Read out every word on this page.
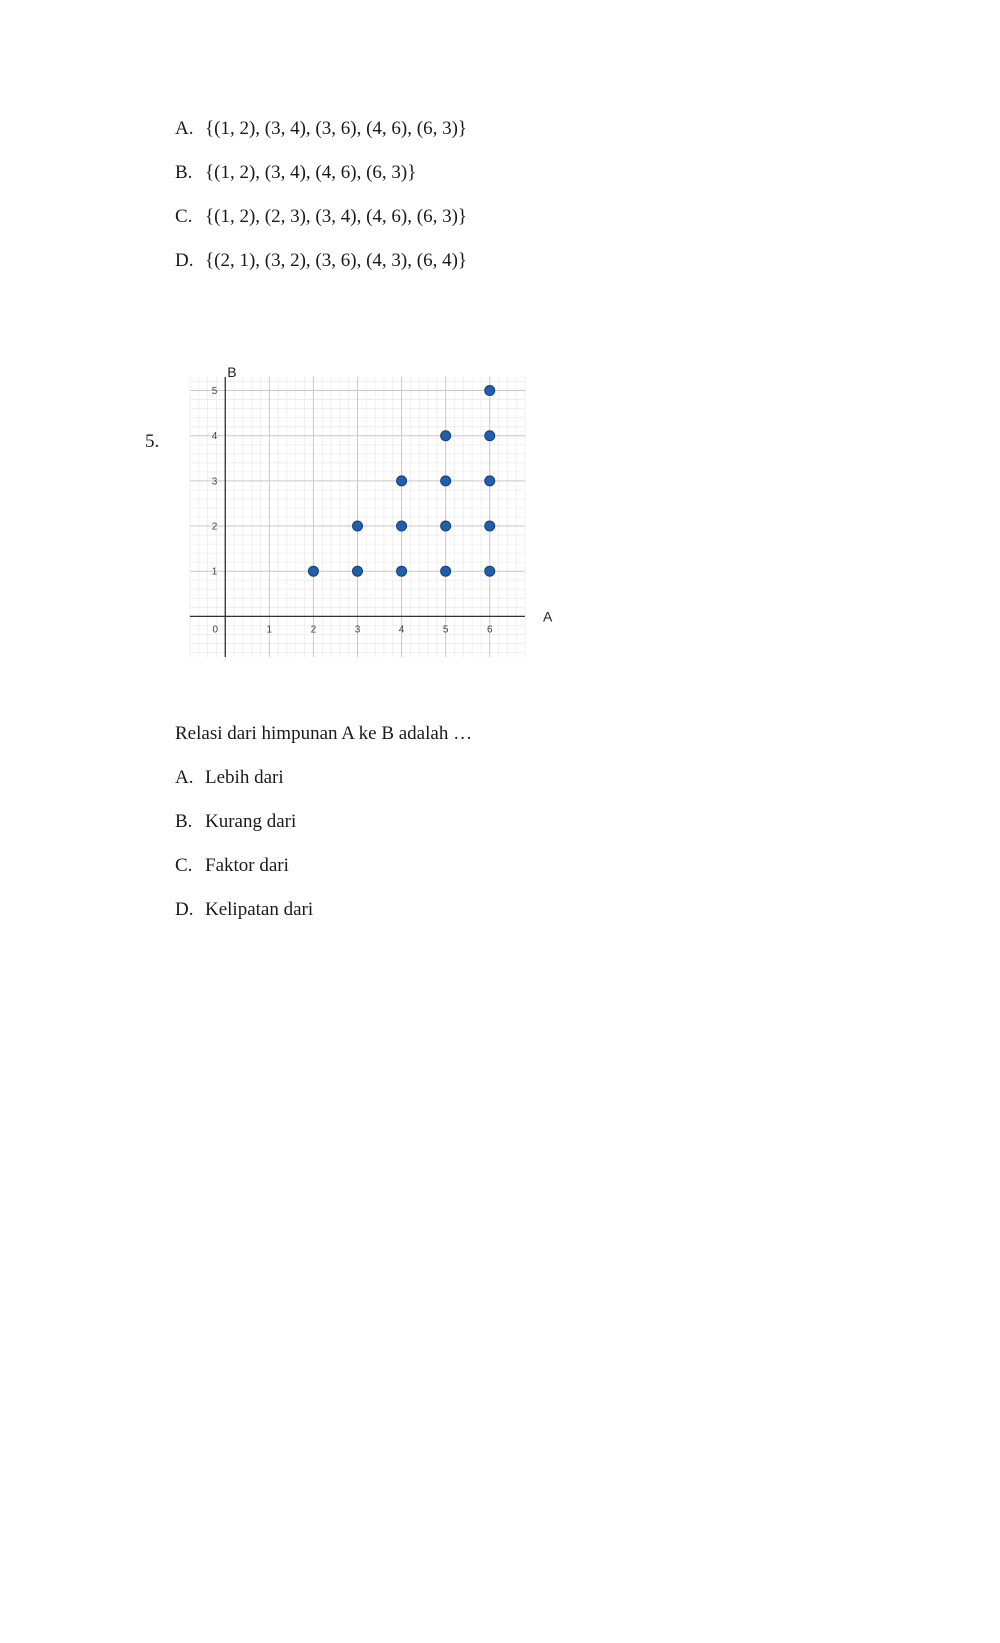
A. {(1, 2), (3, 4), (3, 6), (4, 6), (6, 3)}
B. {(1, 2), (3, 4), (4, 6), (6, 3)}
C. {(1, 2), (2, 3), (3, 4), (4, 6), (6, 3)}
D. {(2, 1), (3, 2), (3, 6), (4, 3), (6, 4)}
5.
0	1	2	3	4	5	6
1
2
3
4
5
A
B
Relasi dari himpunan A ke B adalah …
A. Lebih dari
B. Kurang dari
C. Faktor dari
D. Kelipatan dari
